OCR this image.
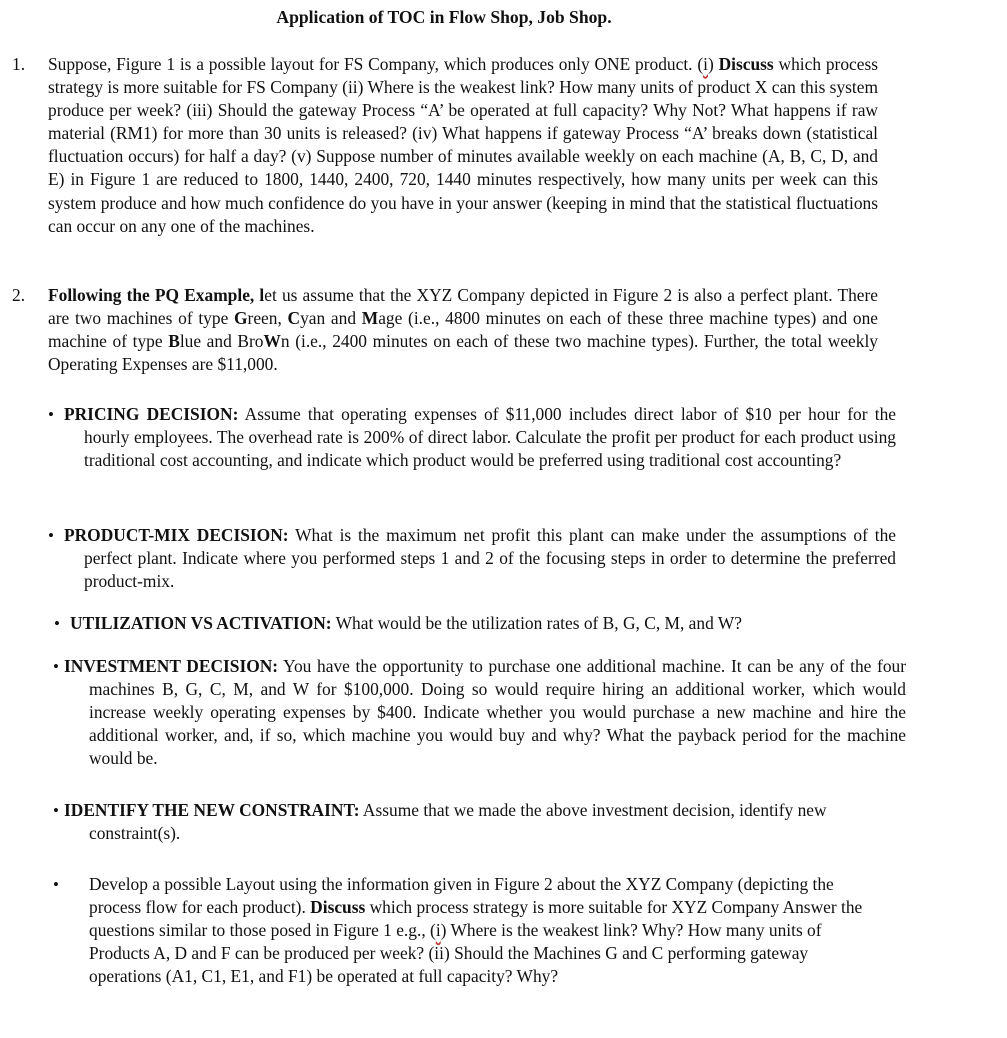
Application of TOC in Flow Shop, Job Shop.
1. Suppose, Figure 1 is a possible layout for FS Company, which produces only ONE product. (i) Discuss which process strategy is more suitable for FS Company (ii) Where is the weakest link? How many units of product X can this system produce per week? (iii) Should the gateway Process “A’ be operated at full capacity? Why Not? What happens if raw material (RM1) for more than 30 units is released? (iv) What happens if gateway Process “A’ breaks down (statistical fluctuation occurs) for half a day? (v) Suppose number of minutes available weekly on each machine (A, B, C, D, and E) in Figure 1 are reduced to 1800, 1440, 2400, 720, 1440 minutes respectively, how many units per week can this system produce and how much confidence do you have in your answer (keeping in mind that the statistical fluctuations can occur on any one of the machines.
2. Following the PQ Example, let us assume that the XYZ Company depicted in Figure 2 is also a perfect plant. There are two machines of type Green, Cyan and Mage (i.e., 4800 minutes on each of these three machine types) and one machine of type Blue and BroWn (i.e., 2400 minutes on each of these two machine types). Further, the total weekly Operating Expenses are $11,000.
• PRICING DECISION: Assume that operating expenses of $11,000 includes direct labor of $10 per hour for the hourly employees. The overhead rate is 200% of direct labor. Calculate the profit per product for each product using traditional cost accounting, and indicate which product would be preferred using traditional cost accounting?
• PRODUCT-MIX DECISION: What is the maximum net profit this plant can make under the assumptions of the perfect plant. Indicate where you performed steps 1 and 2 of the focusing steps in order to determine the preferred product-mix.
• UTILIZATION VS ACTIVATION: What would be the utilization rates of B, G, C, M, and W?
• INVESTMENT DECISION: You have the opportunity to purchase one additional machine. It can be any of the four machines B, G, C, M, and W for $100,000. Doing so would require hiring an additional worker, which would increase weekly operating expenses by $400. Indicate whether you would purchase a new machine and hire the additional worker, and, if so, which machine you would buy and why? What the payback period for the machine would be.
• IDENTIFY THE NEW CONSTRAINT: Assume that we made the above investment decision, identify new constraint(s).
• Develop a possible Layout using the information given in Figure 2 about the XYZ Company (depicting the process flow for each product). Discuss which process strategy is more suitable for XYZ Company Answer the questions similar to those posed in Figure 1 e.g., (i) Where is the weakest link? Why? How many units of Products A, D and F can be produced per week? (ii) Should the Machines G and C performing gateway operations (A1, C1, E1, and F1) be operated at full capacity? Why?
